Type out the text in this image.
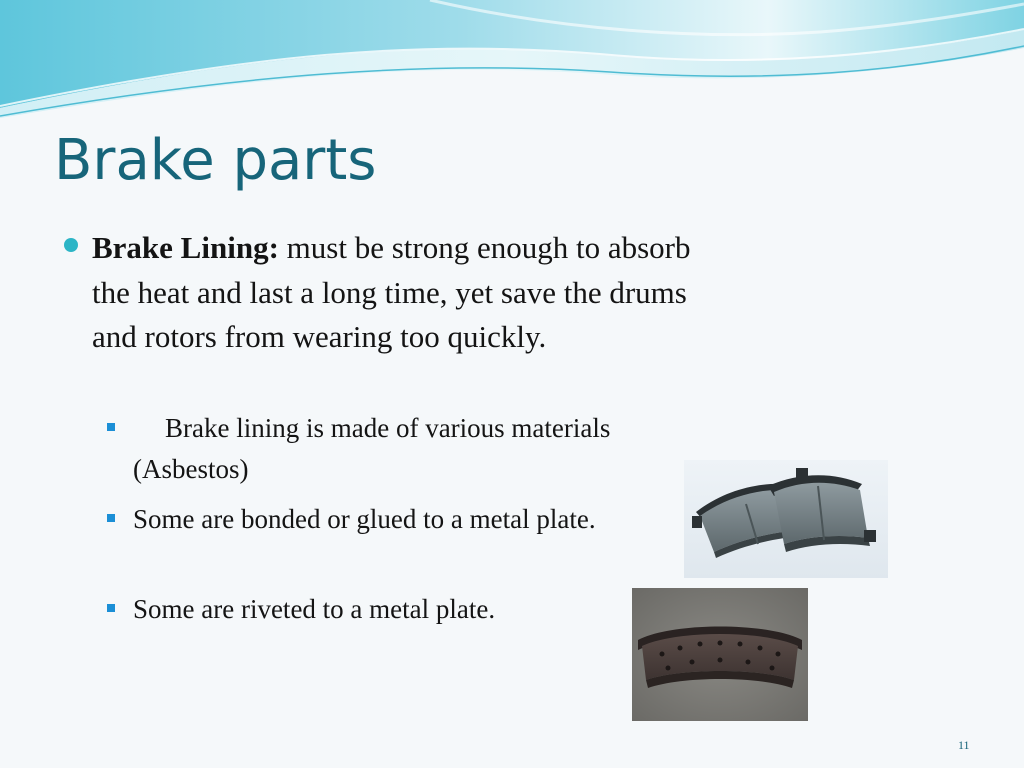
Brake parts
Brake Lining: must be strong enough to absorb the heat and last a long time, yet save the drums and rotors from wearing too quickly.
Brake lining is made of various materials (Asbestos)
Some are bonded or glued to a metal plate.
Some are riveted to a metal plate.
11
